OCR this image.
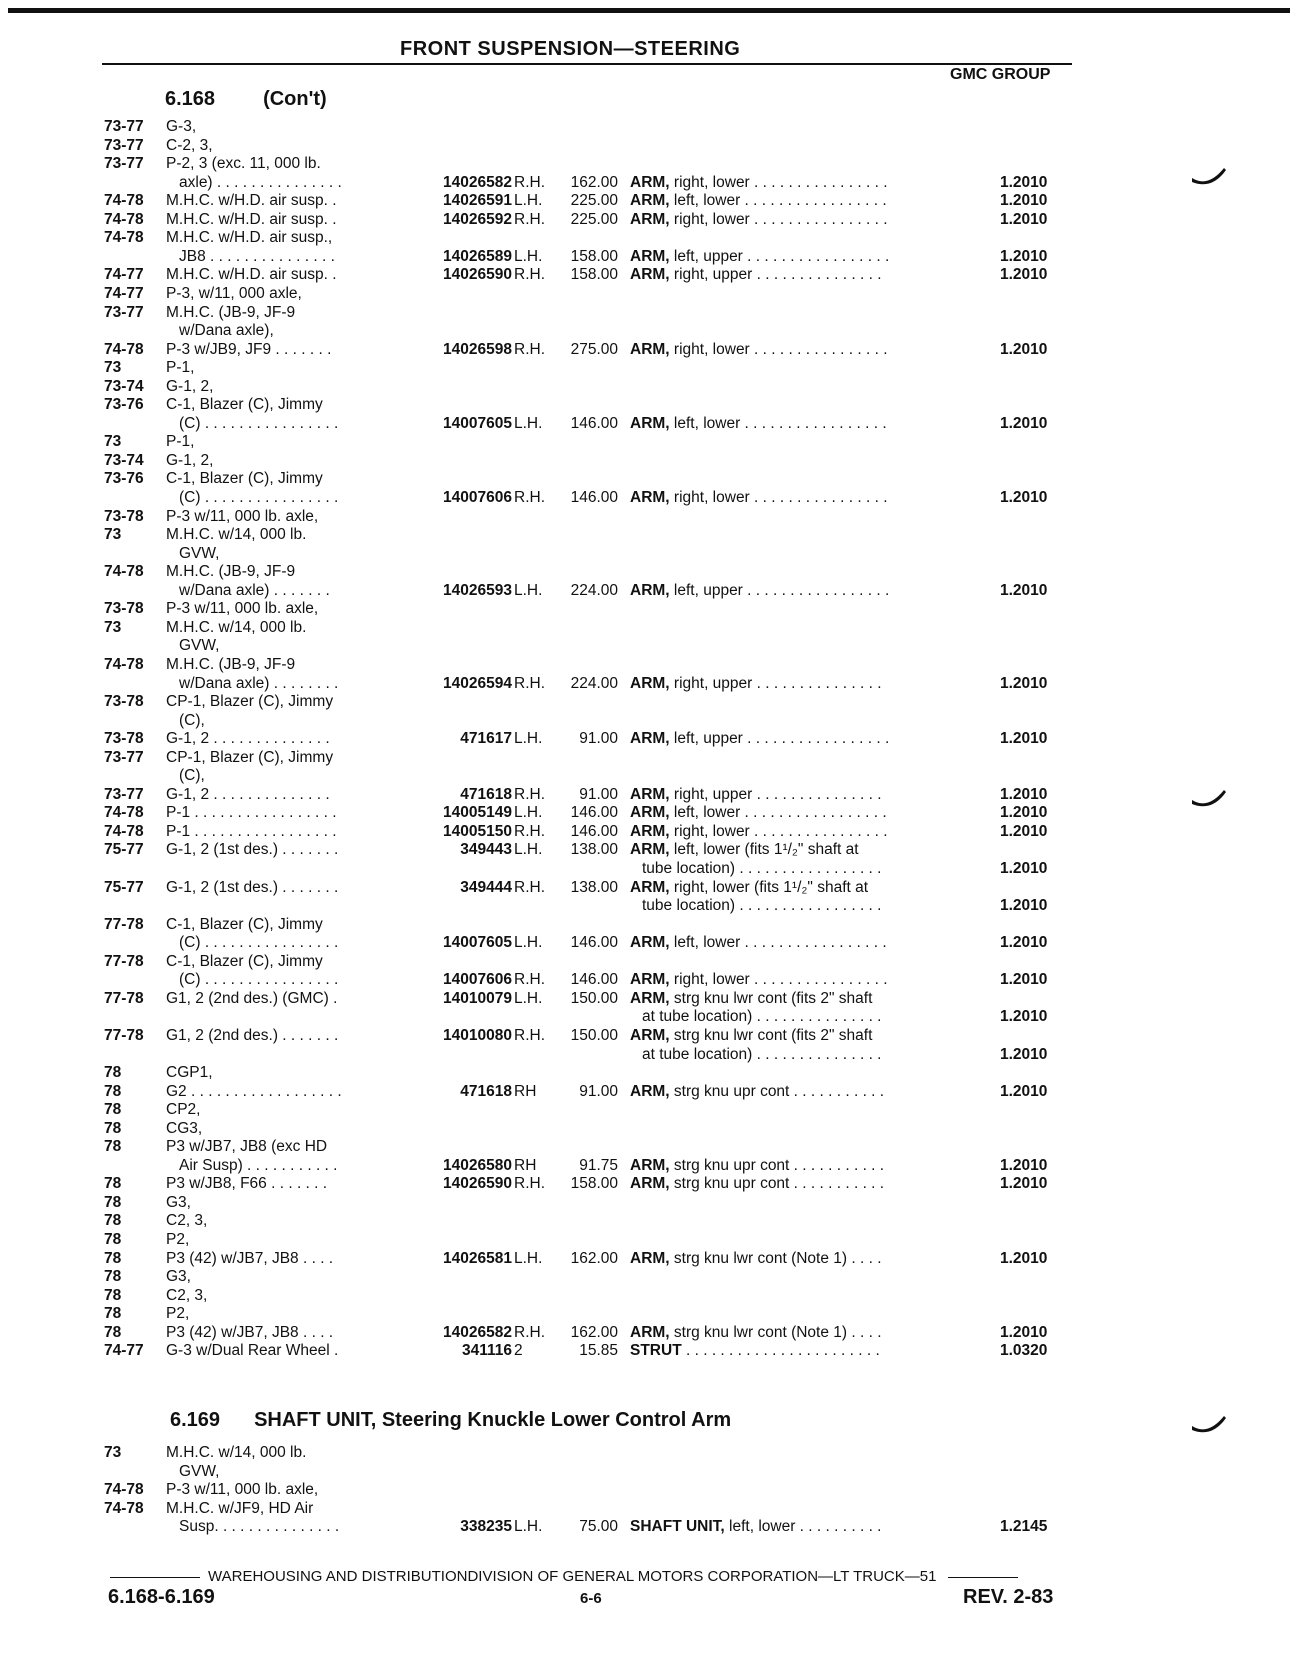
FRONT SUSPENSION—STEERING
GMC GROUP
6.168 (Con't)
73-77 G-3,
73-77 C-2, 3,
73-77 P-2, 3 (exc. 11, 000 lb.
axle) . . . . . . . . . . . . . . .	14026582 R.H.	162.00 ARM, right, lower . . . . . . . . . . . . . . . .	1.2010
74-78 M.H.C. w/H.D. air susp. .	14026591 L.H.	225.00 ARM, left, lower . . . . . . . . . . . . . . . . .	1.2010
74-78 M.H.C. w/H.D. air susp. .	14026592 R.H.	225.00 ARM, right, lower . . . . . . . . . . . . . . . .	1.2010
74-78 M.H.C. w/H.D. air susp.,
JB8 . . . . . . . . . . . . . . .	14026589 L.H.	158.00 ARM, left, upper . . . . . . . . . . . . . . . . .	1.2010
74-77 M.H.C. w/H.D. air susp. .	14026590 R.H.	158.00 ARM, right, upper . . . . . . . . . . . . . . .	1.2010
74-77 P-3, w/11, 000 axle,
73-77 M.H.C. (JB-9, JF-9
w/Dana axle),
74-78 P-3 w/JB9, JF9 . . . . . . .	14026598 R.H.	275.00 ARM, right, lower . . . . . . . . . . . . . . . .	1.2010
73	P-1,
73-74 G-1, 2,
73-76 C-1, Blazer (C), Jimmy
(C) . . . . . . . . . . . . . . . .	14007605 L.H.	146.00 ARM, left, lower . . . . . . . . . . . . . . . . .	1.2010
73	P-1,
73-74 G-1, 2,
73-76 C-1, Blazer (C), Jimmy
(C) . . . . . . . . . . . . . . . .	14007606 R.H.	146.00 ARM, right, lower . . . . . . . . . . . . . . . .	1.2010
73-78 P-3 w/11, 000 lb. axle,
73	M.H.C. w/14, 000 lb.
GVW,
74-78 M.H.C. (JB-9, JF-9
w/Dana axle) . . . . . . .	14026593 L.H.	224.00 ARM, left, upper . . . . . . . . . . . . . . . . .	1.2010
73-78 P-3 w/11, 000 lb. axle,
73	M.H.C. w/14, 000 lb.
GVW,
74-78 M.H.C. (JB-9, JF-9
w/Dana axle) . . . . . . . .	14026594 R.H.	224.00 ARM, right, upper . . . . . . . . . . . . . . .	1.2010
73-78 CP-1, Blazer (C), Jimmy
(C),
73-78 G-1, 2 . . . . . . . . . . . . . .	471617 L.H.	91.00 ARM, left, upper . . . . . . . . . . . . . . . . .	1.2010
73-77 CP-1, Blazer (C), Jimmy
(C),
73-77 G-1, 2 . . . . . . . . . . . . . .	471618 R.H.	91.00 ARM, right, upper . . . . . . . . . . . . . . .	1.2010
74-78 P-1 . . . . . . . . . . . . . . . . .	14005149 L.H.	146.00 ARM, left, lower . . . . . . . . . . . . . . . . .	1.2010
74-78 P-1 . . . . . . . . . . . . . . . . .	14005150 R.H.	146.00 ARM, right, lower . . . . . . . . . . . . . . . .	1.2010
75-77 G-1, 2 (1st des.) . . . . . . .	349443 L.H.	138.00 ARM, left, lower (fits 1¹/₂" shaft at
tube location) . . . . . . . . . . . . . . . . .	1.2010
75-77 G-1, 2 (1st des.) . . . . . . .	349444 R.H.	138.00 ARM, right, lower (fits 1¹/₂" shaft at
tube location) . . . . . . . . . . . . . . . . .	1.2010
77-78 C-1, Blazer (C), Jimmy
(C) . . . . . . . . . . . . . . . .	14007605 L.H.	146.00 ARM, left, lower . . . . . . . . . . . . . . . . .	1.2010
77-78 C-1, Blazer (C), Jimmy
(C) . . . . . . . . . . . . . . . .	14007606 R.H.	146.00 ARM, right, lower . . . . . . . . . . . . . . . .	1.2010
77-78 G1, 2 (2nd des.) (GMC) .	14010079 L.H.	150.00 ARM, strg knu lwr cont (fits 2" shaft
at tube location) . . . . . . . . . . . . . . .	1.2010
77-78 G1, 2 (2nd des.) . . . . . . .	14010080 R.H.	150.00 ARM, strg knu lwr cont (fits 2" shaft
at tube location) . . . . . . . . . . . . . . .	1.2010
78	CGP1,
78	G2 . . . . . . . . . . . . . . . . . .	471618 RH	91.00 ARM, strg knu upr cont . . . . . . . . . . .	1.2010
78	CP2,
78	CG3,
78	P3 w/JB7, JB8 (exc HD
Air Susp) . . . . . . . . . . .	14026580 RH	91.75 ARM, strg knu upr cont . . . . . . . . . . .	1.2010
78	P3 w/JB8, F66 . . . . . . .	14026590 R.H.	158.00 ARM, strg knu upr cont . . . . . . . . . . .	1.2010
78	G3,
78	C2, 3,
78	P2,
78	P3 (42) w/JB7, JB8 . . . .	14026581 L.H.	162.00 ARM, strg knu lwr cont (Note 1) . . . .	1.2010
78	G3,
78	C2, 3,
78	P2,
78	P3 (42) w/JB7, JB8 . . . .	14026582 R.H.	162.00 ARM, strg knu lwr cont (Note 1) . . . .	1.2010
74-77 G-3 w/Dual Rear Wheel .	341116 2	15.85 STRUT . . . . . . . . . . . . . . . . . . . . . . .	1.0320
73	M.H.C. w/14, 000 lb.
GVW,
74-78 P-3 w/11, 000 lb. axle,
74-78 M.H.C. w/JF9, HD Air
Susp. . . . . . . . . . . . . . .	338235 L.H.	75.00 SHAFT UNIT, left, lower . . . . . . . . . .	1.2145
6.169 SHAFT UNIT, Steering Knuckle Lower Control Arm
WAREHOUSING AND DISTRIBUTIONDIVISION OF GENERAL MOTORS CORPORATION—LT TRUCK—51
6.168-6.169	6-6	REV. 2-83
